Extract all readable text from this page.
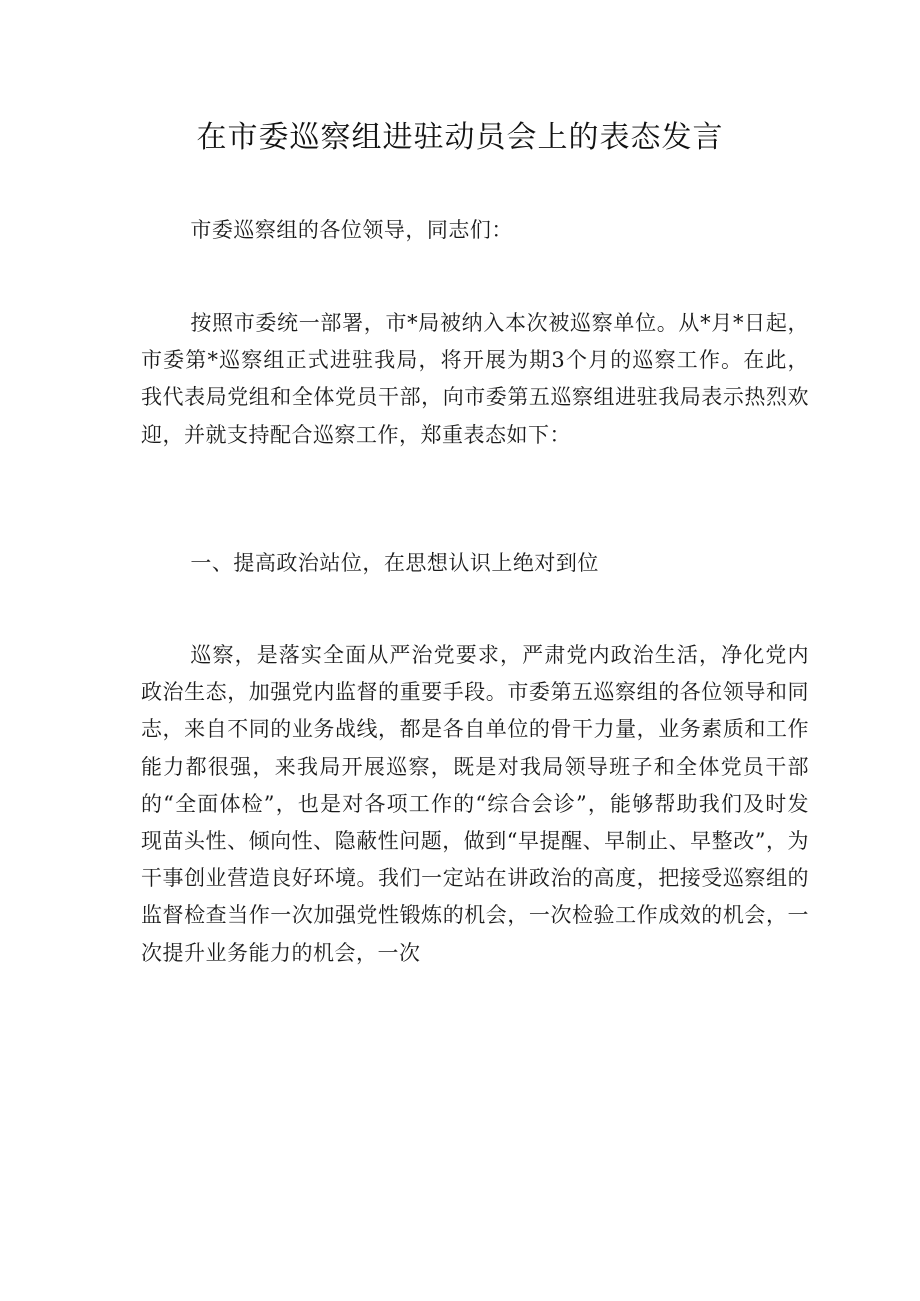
在市委巡察组进驻动员会上的表态发言
市委巡察组的各位领导，同志们：
按照市委统一部署，市*局被纳入本次被巡察单位。从*月*日起，市委第*巡察组正式进驻我局，将开展为期3个月的巡察工作。在此，我代表局党组和全体党员干部，向市委第五巡察组进驻我局表示热烈欢迎，并就支持配合巡察工作，郑重表态如下：
一、提高政治站位，在思想认识上绝对到位
巡察，是落实全面从严治党要求，严肃党内政治生活，净化党内政治生态，加强党内监督的重要手段。市委第五巡察组的各位领导和同志，来自不同的业务战线，都是各自单位的骨干力量，业务素质和工作能力都很强，来我局开展巡察，既是对我局领导班子和全体党员干部的“全面体检”，也是对各项工作的“综合会诊”，能够帮助我们及时发现苗头性、倾向性、隐蔽性问题，做到“早提醒、早制止、早整改”，为干事创业营造良好环境。我们一定站在讲政治的高度，把接受巡察组的监督检查当作一次加强党性锻炼的机会，一次检验工作成效的机会，一次提升业务能力的机会，一次
